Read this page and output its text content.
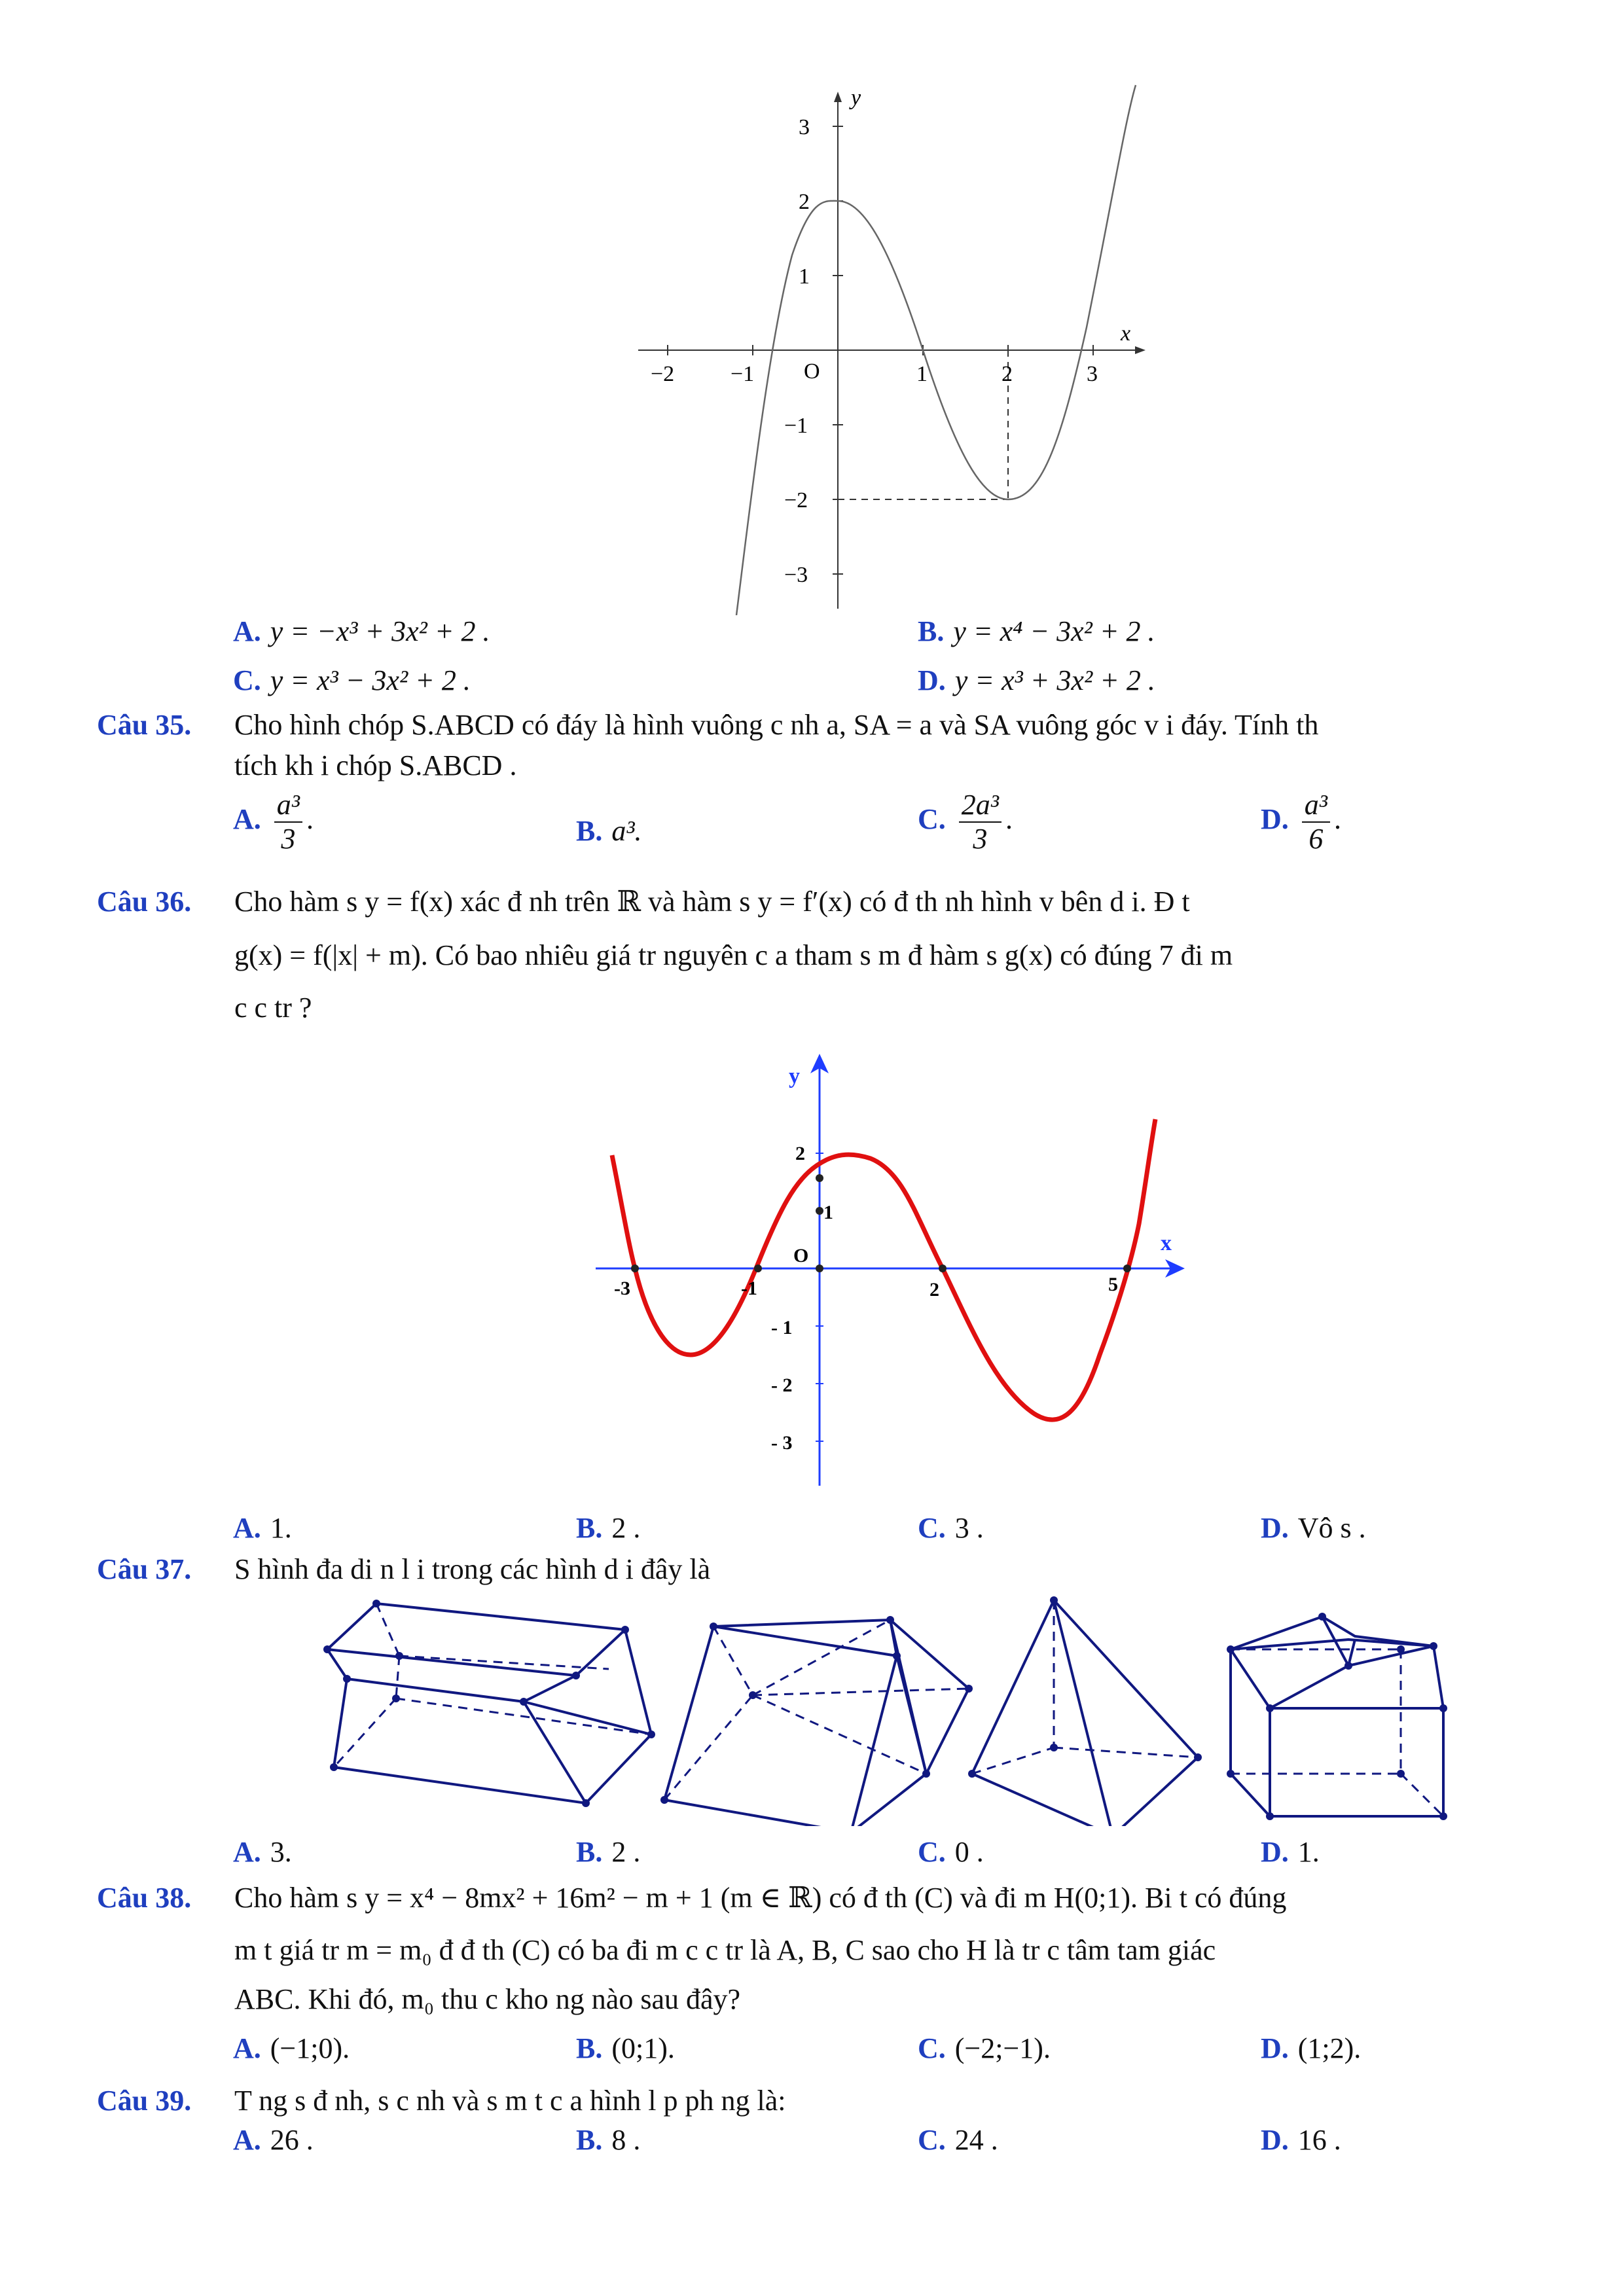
x
y
O
−2	−1	1	2	3
3
2
1
−1
−2
−3
A. y = −x³ + 3x² + 2 .	B. y = x⁴ − 3x² + 2 .
C. y = x³ − 3x² + 2 .	D. y = x³ + 3x² + 2 .
Câu 35. Cho hình chóp S.ABCD có đáy là hình vuông c nh a, SA = a và SA vuông góc v i đáy. Tính th
tích kh i chóp S.ABCD .
A. $\frac{\text{a³}}{3}$ .	B. a³.	C. $\frac{\text{2a³}}{3}$ .	D. $\frac{\text{a³}}{6}$ .
Câu 36. Cho hàm s y = f(x) xác đ nh trên ℝ và hàm s y = f′(x) có đ th nh hình v bên d i. Đ t
g(x) = f(|x| + m). Có bao nhiêu giá tr nguyên c a tham s m đ hàm s g(x) có đúng 7 đi m
c c tr ?
x
y
O
-3	-1	2	5
2
1
- 1
- 2
- 3
A. 1.	B. 2 .	C. 3 .	D. Vô s .
Câu 37. S hình đa di n l i trong các hình d i đây là
A. 3.	B. 2 .	C. 0 .	D. 1.
Câu 38. Cho hàm s y = x⁴ − 8mx² + 16m² − m + 1 (m ∈ ℝ) có đ th (C) và đi m H(0;1). Bi t có đúng
m t giá tr m = m₀ đ đ th (C) có ba đi m c c tr là A, B, C sao cho H là tr c tâm tam giác
ABC. Khi đó, m₀ thu c kho ng nào sau đây?
A. (−1;0).	B. (0;1).	C. (−2;−1).	D. (1;2).
Câu 39. T ng s đ nh, s c nh và s m t c a hình l p ph ng là:
A. 26 .	B. 8 .	C. 24 .	D. 16 .
